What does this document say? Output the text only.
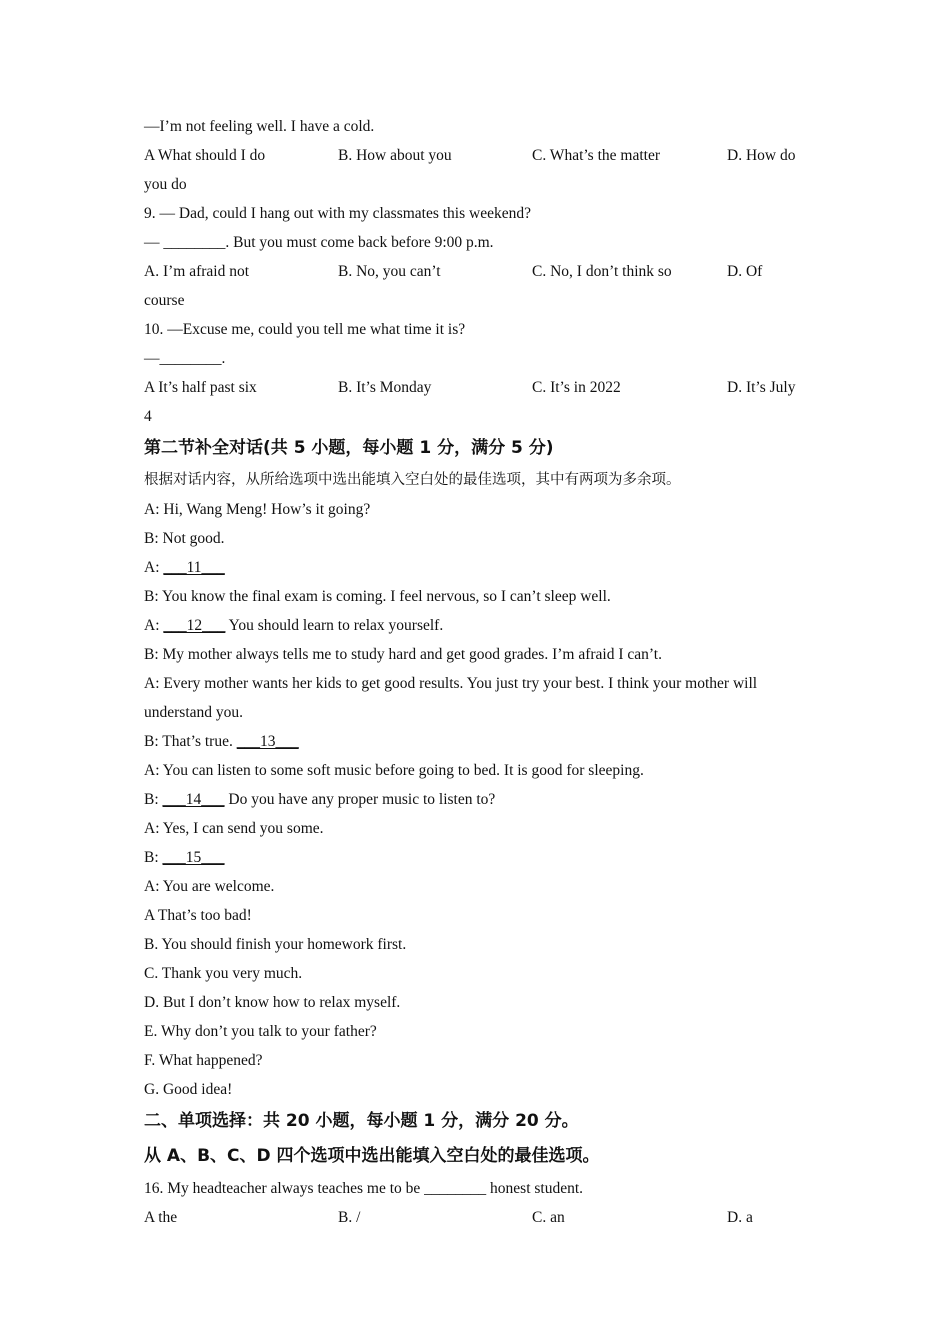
—I’m not feeling well. I have a cold.
A What should I do	B. How about you	C. What’s the matter	D. How do
you do
9. — Dad, could I hang out with my classmates this weekend?
— ________. But you must come back before 9:00 p.m.
A. I’m afraid not	B. No, you can’t	C. No, I don’t think so	D. Of
course
10. —Excuse me, could you tell me what time it is?
—________.
A It’s half past six	B. It’s Monday	C. It’s in 2022	D. It’s July
4
第二节补全对话(共 5 小题，每小题 1 分，满分 5 分)
根据对话内容，从所给选项中选出能填入空白处的最佳选项，其中有两项为多余项。
A: Hi, Wang Meng! How’s it going?
B: Not good.
A: ___11___
B: You know the final exam is coming. I feel nervous, so I can’t sleep well.
A: ___12___ You should learn to relax yourself.
B: My mother always tells me to study hard and get good grades. I’m afraid I can’t.
A: Every mother wants her kids to get good results. You just try your best. I think your mother will
understand you.
B: That’s true. ___13___
A: You can listen to some soft music before going to bed. It is good for sleeping.
B: ___14___ Do you have any proper music to listen to?
A: Yes, I can send you some.
B: ___15___
A: You are welcome.
A That’s too bad!
B. You should finish your homework first.
C. Thank you very much.
D. But I don’t know how to relax myself.
E. Why don’t you talk to your father?
F. What happened?
G. Good idea!
二、单项选择：共 20 小题，每小题 1 分，满分 20 分。
从 A、B、C、D 四个选项中选出能填入空白处的最佳选项。
16. My headteacher always teaches me to be ________ honest student.
A the	B. /	C. an	D. a
